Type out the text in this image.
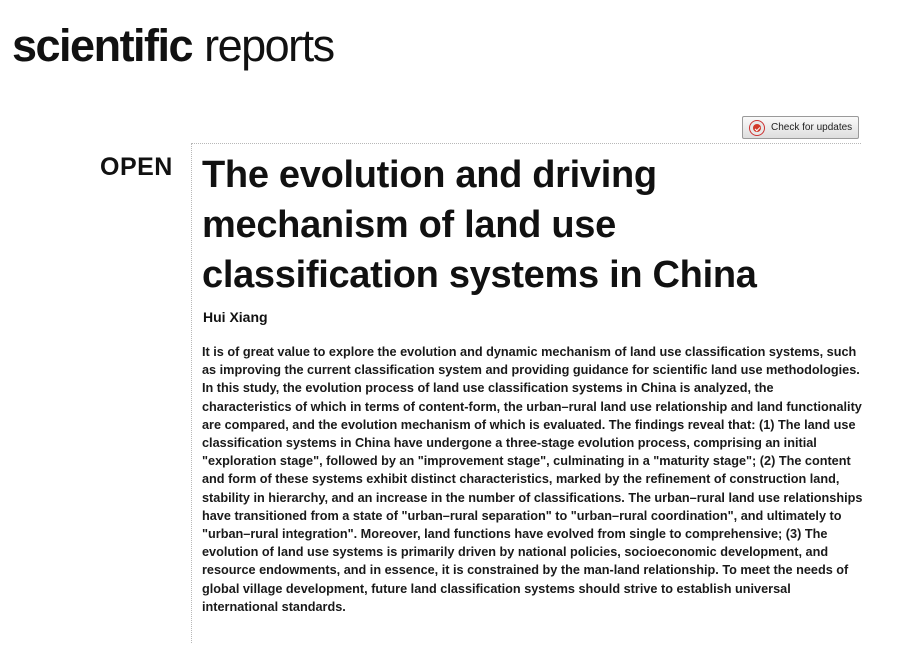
scientific reports
Check for updates
OPEN The evolution and driving mechanism of land use classification systems in China
Hui Xiang

It is of great value to explore the evolution and dynamic mechanism of land use classification systems, such as improving the current classification system and providing guidance for scientific land use methodologies. In this study, the evolution process of land use classification systems in China is analyzed, the characteristics of which in terms of content-form, the urban–rural land use relationship and land functionality are compared, and the evolution mechanism of which is evaluated. The findings reveal that: (1) The land use classification systems in China have undergone a three-stage evolution process, comprising an initial "exploration stage", followed by an "improvement stage", culminating in a "maturity stage"; (2) The content and form of these systems exhibit distinct characteristics, marked by the refinement of construction land, stability in hierarchy, and an increase in the number of classifications. The urban–rural land use relationships have transitioned from a state of "urban–rural separation" to "urban–rural coordination", and ultimately to "urban–rural integration". Moreover, land functions have evolved from single to comprehensive; (3) The evolution of land use systems is primarily driven by national policies, socioeconomic development, and resource endowments, and in essence, it is constrained by the man-land relationship. To meet the needs of global village development, future land classification systems should strive to establish universal international standards.
